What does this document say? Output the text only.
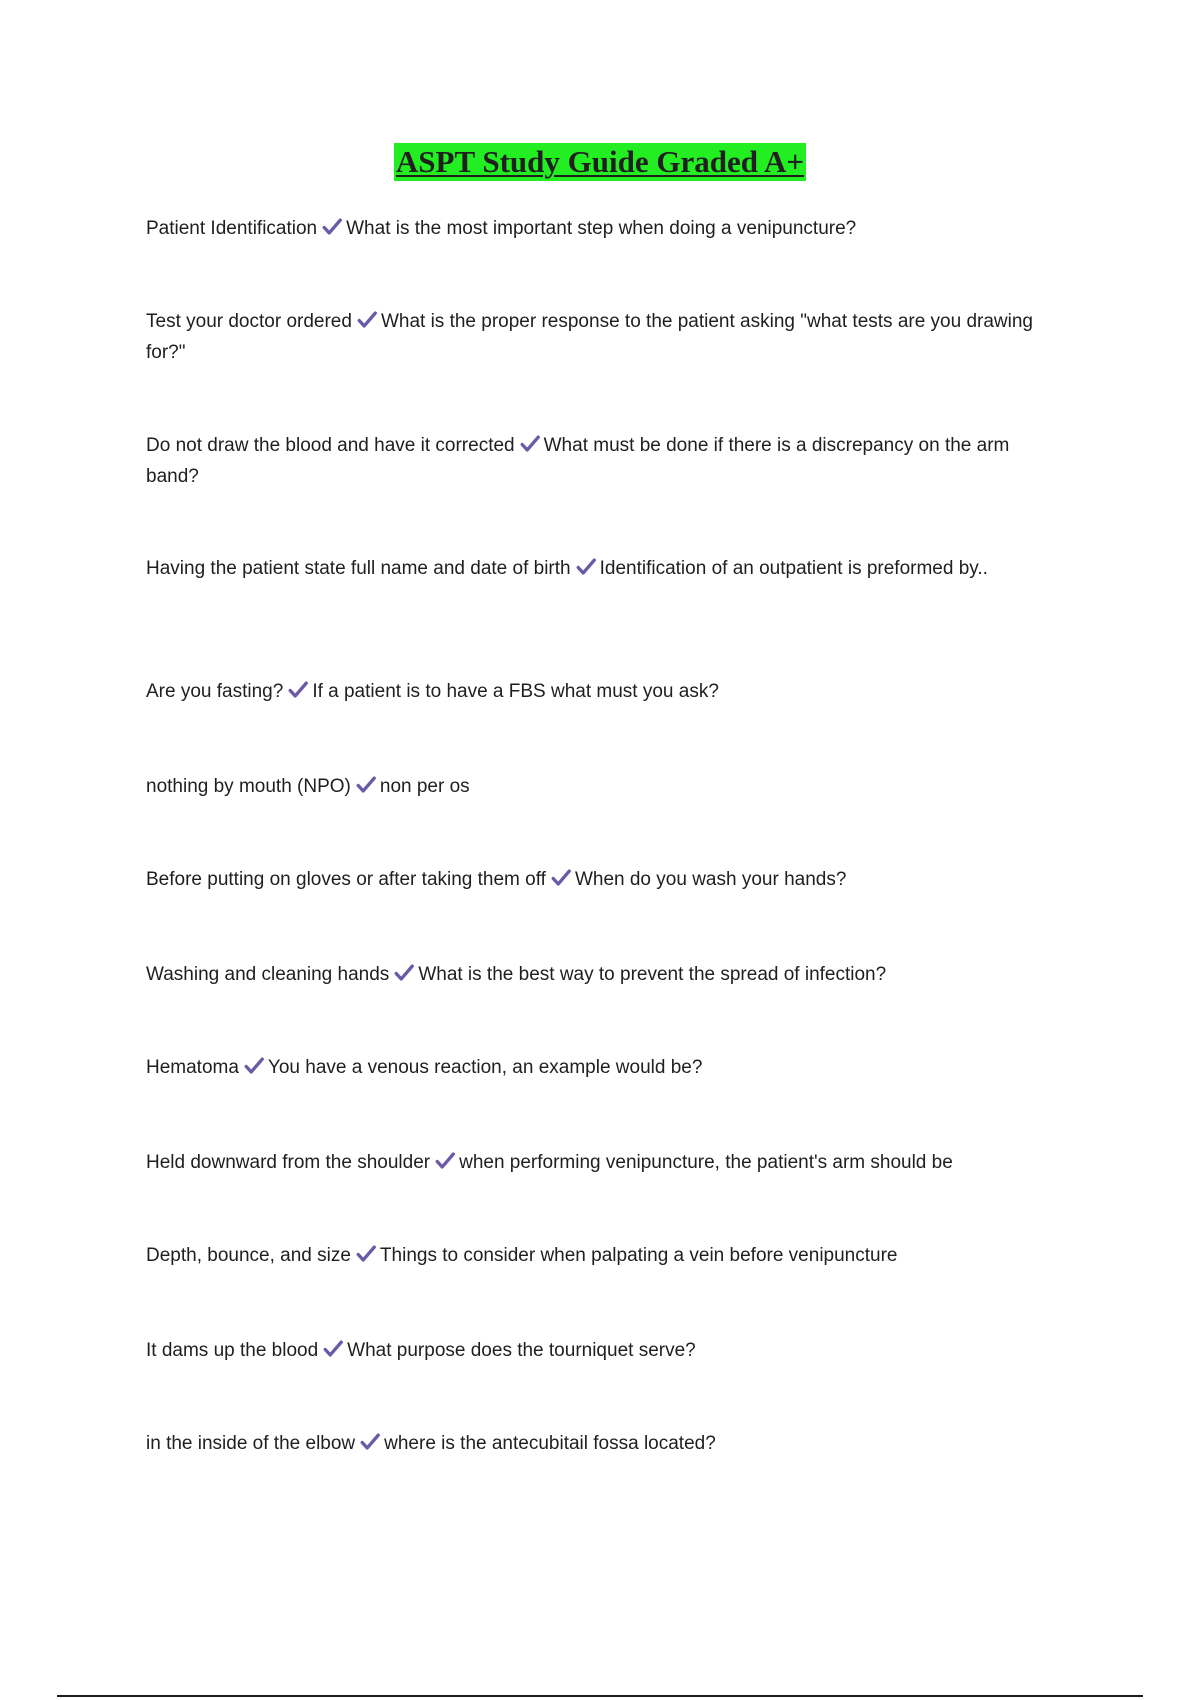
ASPT Study Guide Graded A+
Patient Identification What is the most important step when doing a venipuncture?
Test your doctor ordered What is the proper response to the patient asking "what tests are you drawing for?"
Do not draw the blood and have it corrected What must be done if there is a discrepancy on the arm band?
Having the patient state full name and date of birth Identification of an outpatient is preformed by..
Are you fasting? If a patient is to have a FBS what must you ask?
nothing by mouth (NPO) non per os
Before putting on gloves or after taking them off When do you wash your hands?
Washing and cleaning hands What is the best way to prevent the spread of infection?
Hematoma You have a venous reaction, an example would be?
Held downward from the shoulder when performing venipuncture, the patient's arm should be
Depth, bounce, and size Things to consider when palpating a vein before venipuncture
It dams up the blood What purpose does the tourniquet serve?
in the inside of the elbow where is the antecubitail fossa located?
